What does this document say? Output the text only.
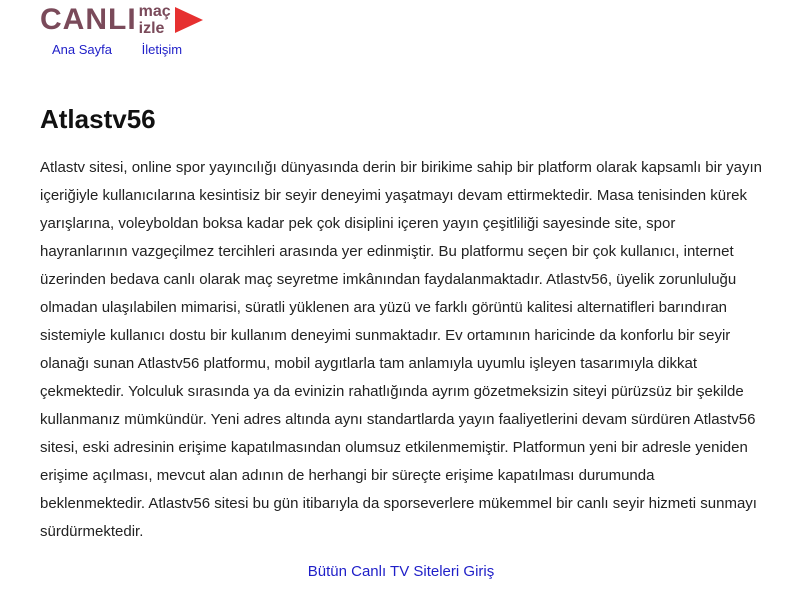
CANLI maç
izle
Ana Sayfa İletişim
Atlastv56

Atlastv sitesi, online spor yayıncılığı dünyasında derin bir birikime sahip bir platform olarak kapsamlı bir yayın içeriğiyle kullanıcılarına kesintisiz bir seyir deneyimi yaşatmayı devam ettirmektedir. Masa tenisinden kürek yarışlarına, voleyboldan boksa kadar pek çok disiplini içeren yayın çeşitliliği sayesinde site, spor hayranlarının vazgeçilmez tercihleri arasında yer edinmiştir. Bu platformu seçen bir çok kullanıcı, internet üzerinden bedava canlı olarak maç seyretme imkânından faydalanmaktadır. Atlastv56, üyelik zorunluluğu olmadan ulaşılabilen mimarisi, süratli yüklenen ara yüzü ve farklı görüntü kalitesi alternatifleri barındıran sistemiyle kullanıcı dostu bir kullanım deneyimi sunmaktadır. Ev ortamının haricinde da konforlu bir seyir olanağı sunan Atlastv56 platformu, mobil aygıtlarla tam anlamıyla uyumlu işleyen tasarımıyla dikkat çekmektedir. Yolculuk sırasında ya da evinizin rahatlığında ayrım gözetmeksizin siteyi pürüzsüz bir şekilde kullanmanız mümkündür. Yeni adres altında aynı standartlarda yayın faaliyetlerini devam sürdüren Atlastv56 sitesi, eski adresinin erişime kapatılmasından olumsuz etkilenmemiştir. Platformun yeni bir adresle yeniden erişime açılması, mevcut alan adının de herhangi bir süreçte erişime kapatılması durumunda beklenmektedir. Atlastv56 sitesi bu gün itibarıyla da sporseverlere mükemmel bir canlı seyir hizmeti sunmayı sürdürmektedir.

Bütün Canlı TV Siteleri Giriş
